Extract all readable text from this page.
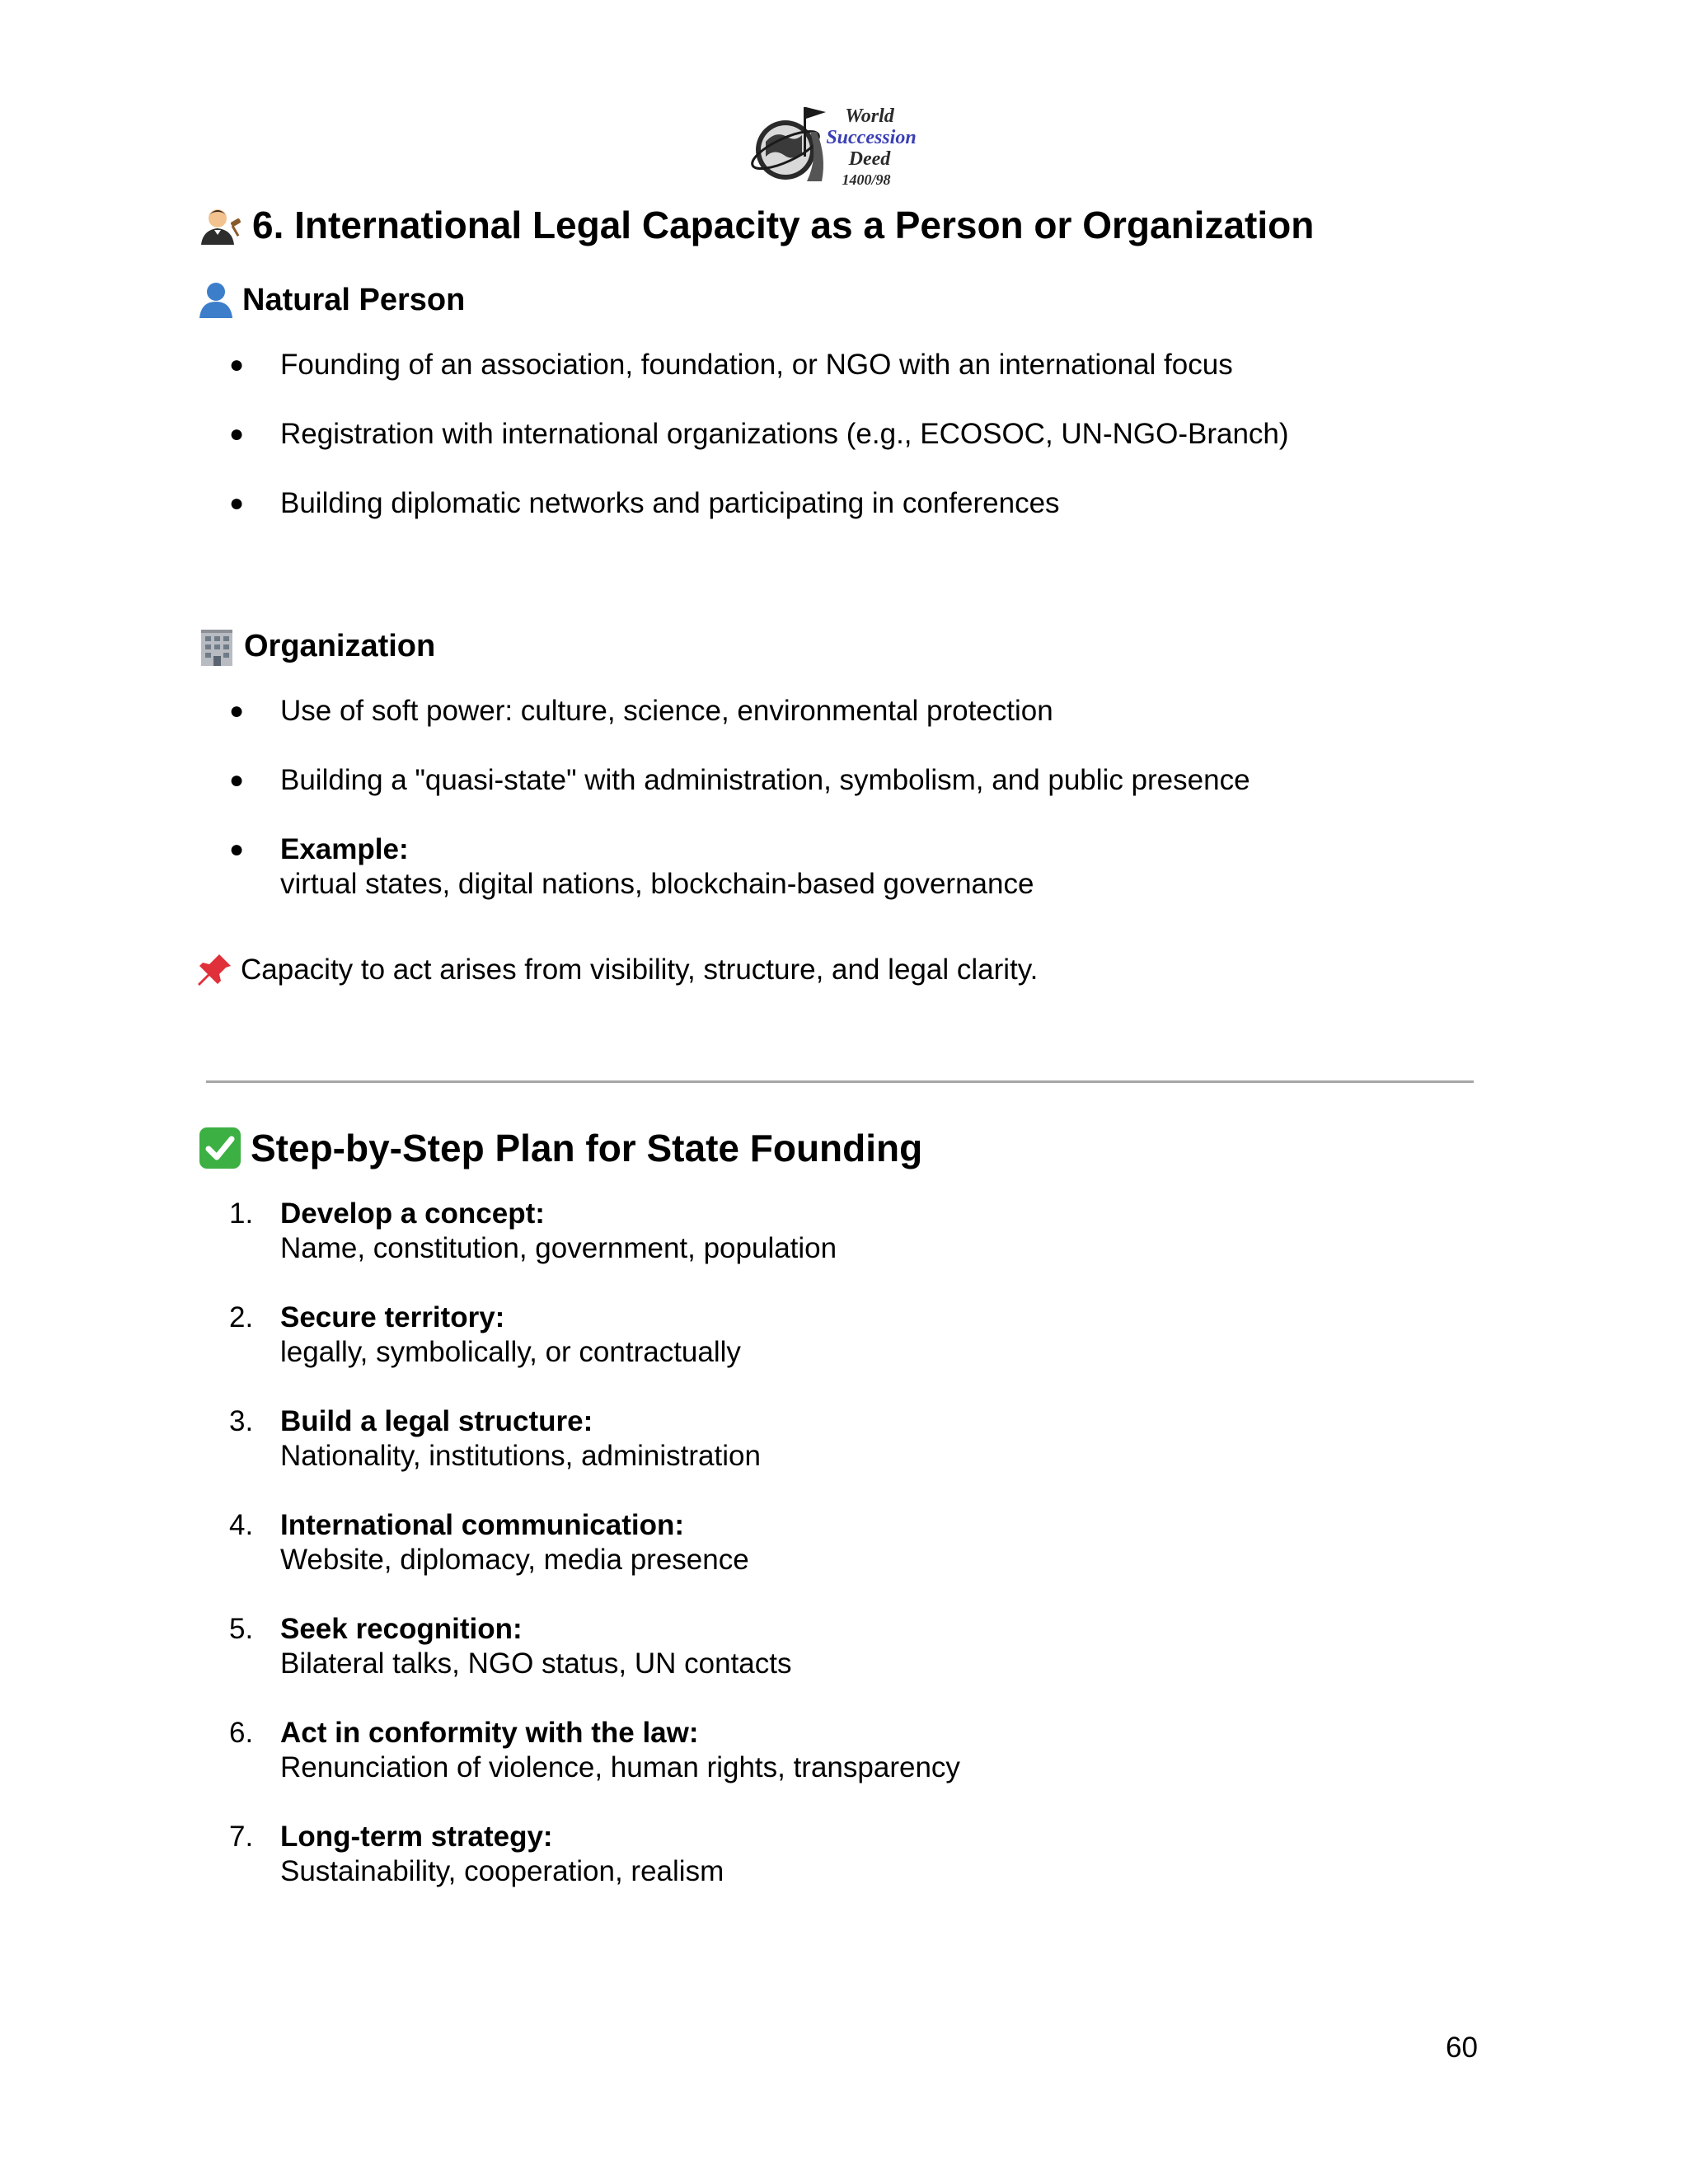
World
Succession
Deed
1400/98
6. International Legal Capacity as a Person or Organization
Natural Person
● Founding of an association, foundation, or NGO with an international focus
● Registration with international organizations (e.g., ECOSOC, UN-NGO-Branch)
● Building diplomatic networks and participating in conferences
Organization
● Use of soft power: culture, science, environmental protection
● Building a "quasi-state" with administration, symbolism, and public presence
● Example:
virtual states, digital nations, blockchain-based governance
Capacity to act arises from visibility, structure, and legal clarity.
Step-by-Step Plan for State Founding
1. Develop a concept:
Name, constitution, government, population
2. Secure territory:
legally, symbolically, or contractually
3. Build a legal structure:
Nationality, institutions, administration
4. International communication:
Website, diplomacy, media presence
5. Seek recognition:
Bilateral talks, NGO status, UN contacts
6. Act in conformity with the law:
Renunciation of violence, human rights, transparency
7. Long-term strategy:
Sustainability, cooperation, realism
60
